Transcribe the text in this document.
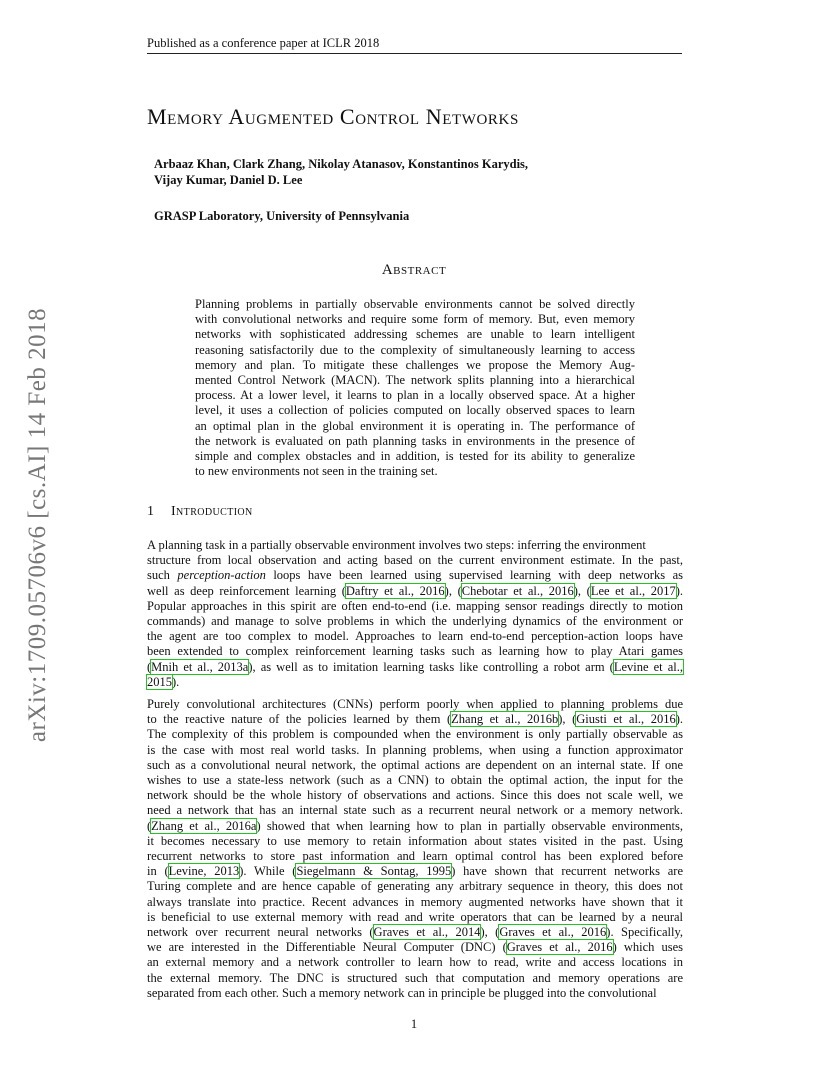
Published as a conference paper at ICLR 2018
arXiv:1709.05706v6 [cs.AI] 14 Feb 2018
Memory Augmented Control Networks
Arbaaz Khan, Clark Zhang, Nikolay Atanasov, Konstantinos Karydis,
Vijay Kumar, Daniel D. Lee
GRASP Laboratory, University of Pennsylvania
Abstract
Planning problems in partially observable environments cannot be solved directly
with convolutional networks and require some form of memory. But, even memory
networks with sophisticated addressing schemes are unable to learn intelligent
reasoning satisfactorily due to the complexity of simultaneously learning to access
memory and plan. To mitigate these challenges we propose the Memory Aug-
mented Control Network (MACN). The network splits planning into a hierarchical
process. At a lower level, it learns to plan in a locally observed space. At a higher
level, it uses a collection of policies computed on locally observed spaces to learn
an optimal plan in the global environment it is operating in. The performance of
the network is evaluated on path planning tasks in environments in the presence of
simple and complex obstacles and in addition, is tested for its ability to generalize
to new environments not seen in the training set.
1 Introduction
A planning task in a partially observable environment involves two steps: inferring the environment
structure from local observation and acting based on the current environment estimate. In the past,
such perception-action loops have been learned using supervised learning with deep networks as
well as deep reinforcement learning (Daftry et al., 2016), (Chebotar et al., 2016), (Lee et al., 2017).
Popular approaches in this spirit are often end-to-end (i.e. mapping sensor readings directly to motion
commands) and manage to solve problems in which the underlying dynamics of the environment or
the agent are too complex to model. Approaches to learn end-to-end perception-action loops have
been extended to complex reinforcement learning tasks such as learning how to play Atari games
(Mnih et al., 2013a), as well as to imitation learning tasks like controlling a robot arm (Levine et al.,
2015).
Purely convolutional architectures (CNNs) perform poorly when applied to planning problems due
to the reactive nature of the policies learned by them (Zhang et al., 2016b), (Giusti et al., 2016).
The complexity of this problem is compounded when the environment is only partially observable as
is the case with most real world tasks. In planning problems, when using a function approximator
such as a convolutional neural network, the optimal actions are dependent on an internal state. If one
wishes to use a state-less network (such as a CNN) to obtain the optimal action, the input for the
network should be the whole history of observations and actions. Since this does not scale well, we
need a network that has an internal state such as a recurrent neural network or a memory network.
(Zhang et al., 2016a) showed that when learning how to plan in partially observable environments,
it becomes necessary to use memory to retain information about states visited in the past. Using
recurrent networks to store past information and learn optimal control has been explored before
in (Levine, 2013). While (Siegelmann & Sontag, 1995) have shown that recurrent networks are
Turing complete and are hence capable of generating any arbitrary sequence in theory, this does not
always translate into practice. Recent advances in memory augmented networks have shown that it
is beneficial to use external memory with read and write operators that can be learned by a neural
network over recurrent neural networks (Graves et al., 2014), (Graves et al., 2016). Specifically,
we are interested in the Differentiable Neural Computer (DNC) (Graves et al., 2016) which uses
an external memory and a network controller to learn how to read, write and access locations in
the external memory. The DNC is structured such that computation and memory operations are
separated from each other. Such a memory network can in principle be plugged into the convolutional
1
